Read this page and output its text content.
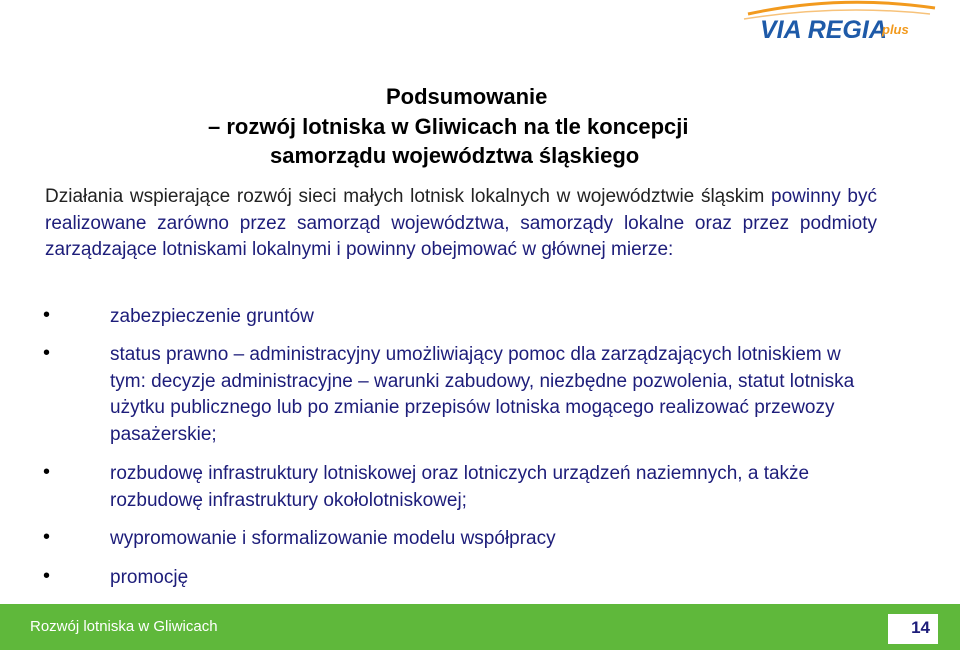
VIA REGIA
plus
Podsumowanie
– rozwój lotniska w Gliwicach na tle koncepcji
samorządu województwa śląskiego
Działania wspierające rozwój sieci małych lotnisk lokalnych w województwie śląskim powinny być realizowane zarówno przez samorząd województwa, samorządy lokalne oraz przez podmioty zarządzające lotniskami lokalnymi i powinny obejmować w głównej mierze:
•	zabezpieczenie gruntów
•	status prawno – administracyjny umożliwiający pomoc dla zarządzających lotniskiem w tym: decyzje administracyjne – warunki zabudowy, niezbędne pozwolenia, statut lotniska użytku publicznego lub po zmianie przepisów lotniska mogącego realizować przewozy pasażerskie;
•	rozbudowę infrastruktury lotniskowej oraz lotniczych urządzeń naziemnych, a także rozbudowę infrastruktury okołolotniskowej;
•	wypromowanie i sformalizowanie modelu współpracy
•	promocję
Rozwój lotniska w Gliwicach	14
